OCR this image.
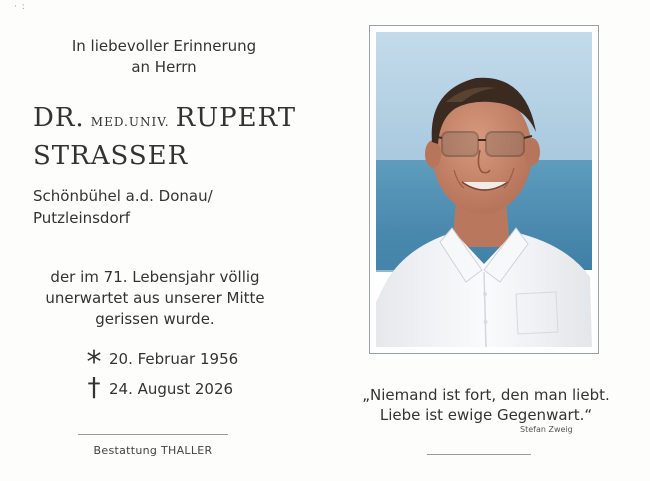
· :
In liebevoller Erinnerung
an Herrn
DR. MED.UNIV. RUPERT
STRASSER
Schönbühel a.d. Donau/
Putzleinsdorf
der im 71. Lebensjahr völlig
unerwartet aus unserer Mitte
gerissen wurde.
* 20. Februar 1956
† 24. August 2026
Bestattung THALLER
„Niemand ist fort, den man liebt.
Liebe ist ewige Gegenwart.“
Stefan Zweig
